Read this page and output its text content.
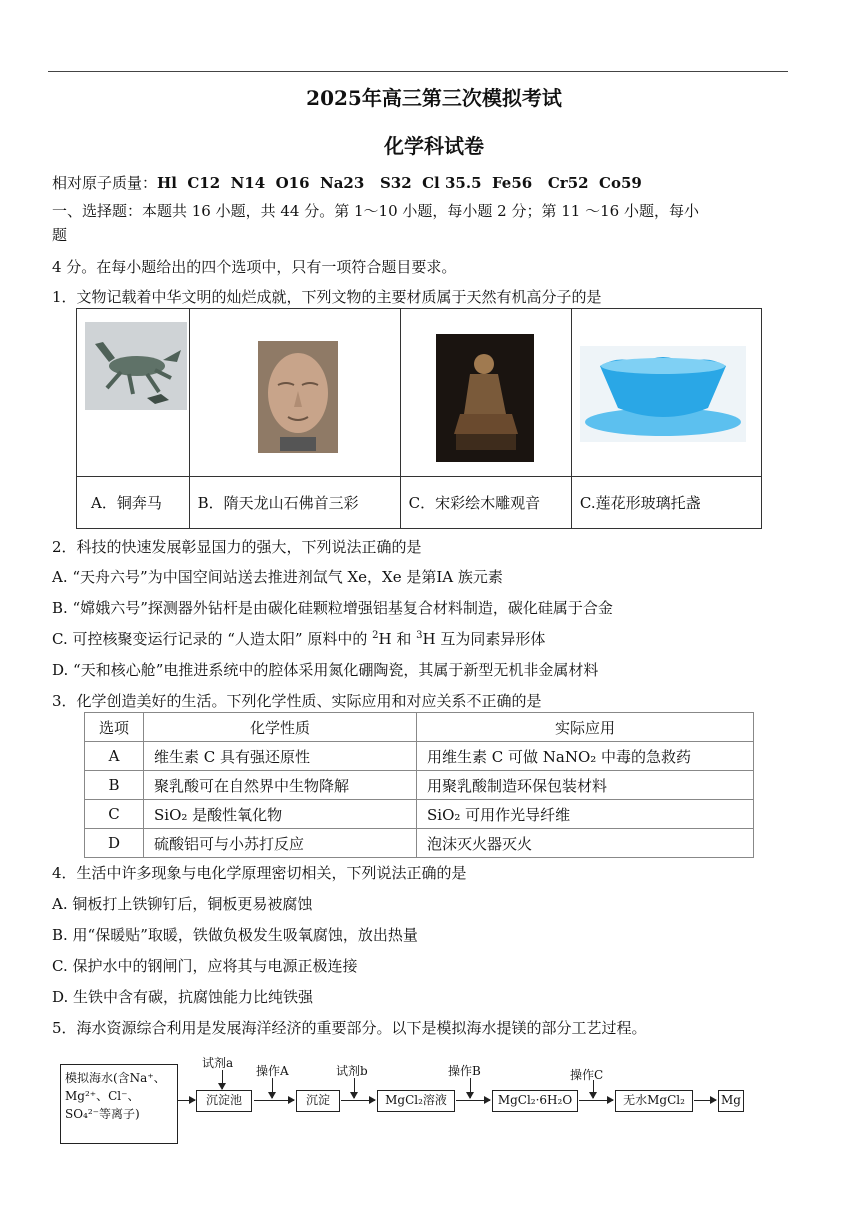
2025年高三第三次模拟考试
化学科试卷
相对原子质量：Hl  C12  N14  O16  Na23   S32  Cl 35.5  Fe56   Cr52  Co59
一、选择题：本题共 16 小题，共 44 分。第 1～10 小题，每小题 2 分；第 11 ～16 小题，每小
题
4 分。在每小题给出的四个选项中，只有一项符合题目要求。
1．文物记载着中华文明的灿烂成就，下列文物的主要材质属于天然有机高分子的是

A．铜奔马	B．隋天龙山石佛首三彩	C．宋彩绘木雕观音	C.莲花形玻璃托盏
2．科技的快速发展彰显国力的强大，下列说法正确的是
A. “天舟六号”为中国空间站送去推进剂氙气 Xe，Xe 是第IA 族元素
B. “嫦娥六号”探测器外钻杆是由碳化硅颗粒增强铝基复合材料制造，碳化硅属于合金
C. 可控核聚变运行记录的 “人造太阳” 原料中的 $^2$H 和 $^3$H 互为同素异形体
D. “天和核心舱”电推进系统中的腔体采用氮化硼陶瓷，其属于新型无机非金属材料
3．化学创造美好的生活。下列化学性质、实际应用和对应关系不正确的是
选项	化学性质	实际应用
A	维生素 C 具有强还原性	用维生素 C 可做 NaNO₂ 中毒的急救药
B	聚乳酸可在自然界中生物降解	用聚乳酸制造环保包装材料
C	SiO₂ 是酸性氧化物	SiO₂ 可用作光导纤维
D	硫酸铝可与小苏打反应	泡沫灭火器灭火
4．生活中许多现象与电化学原理密切相关，下列说法正确的是
A. 铜板打上铁铆钉后，铜板更易被腐蚀
B. 用“保暖贴”取暖，铁做负极发生吸氧腐蚀，放出热量
C. 保护水中的钢闸门，应将其与电源正极连接
D. 生铁中含有碳，抗腐蚀能力比纯铁强
5．海水资源综合利用是发展海洋经济的重要部分。以下是模拟海水提镁的部分工艺过程。
模拟海水(含Na⁺、
Mg²⁺、Cl⁻、
SO₄²⁻等离子)
沉淀池
试剂a
操作A
沉淀
试剂b
MgCl₂溶液
操作B
MgCl₂·6H₂O
操作C
无水MgCl₂	Mg
